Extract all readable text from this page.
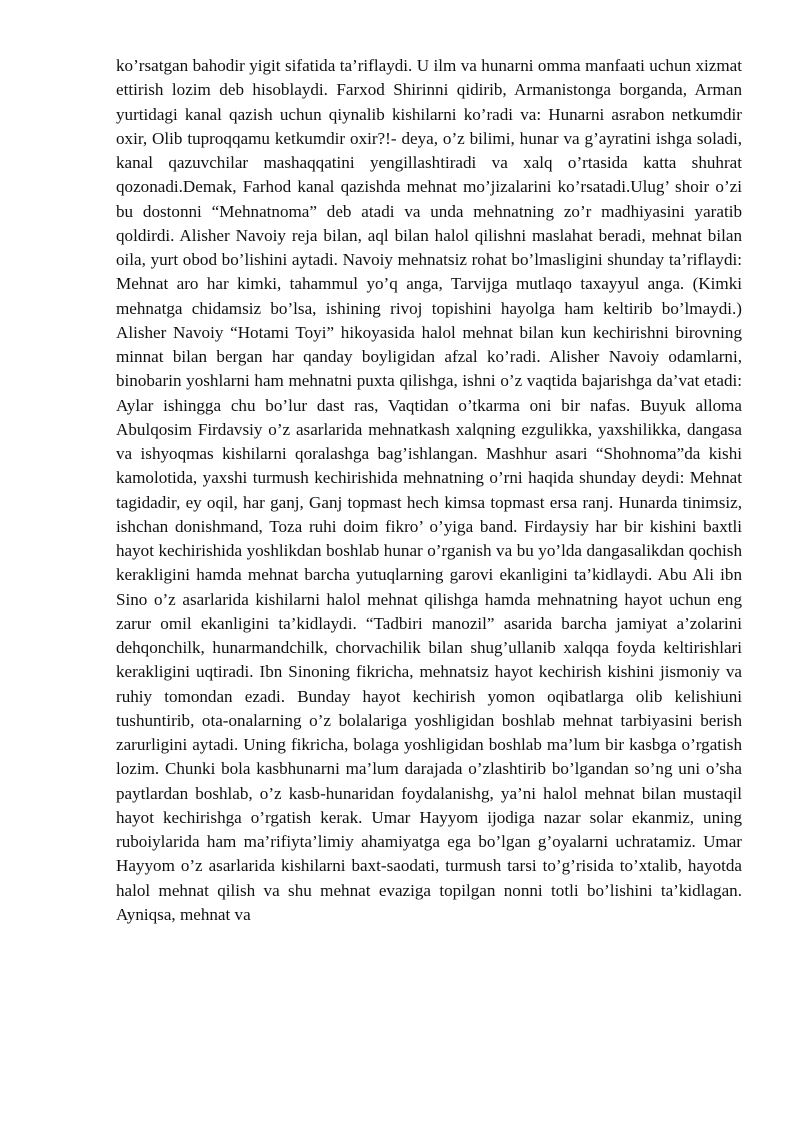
ko’rsatgan bahodir yigit sifatida ta’riflaydi. U ilm va hunarni omma manfaati uchun xizmat ettirish lozim deb hisoblaydi. Farxod Shirinni qidirib, Armanistonga borganda, Arman yurtidagi kanal qazish uchun qiynalib kishilarni ko’radi va: Hunarni asrabon netkumdir oxir, Olib tuproqqamu ketkumdir oxir?!- deya, o’z bilimi, hunar va g’ayratini ishga soladi, kanal qazuvchilar mashaqqatini yengillashtiradi va xalq o’rtasida katta shuhrat qozonadi.Demak, Farhod kanal qazishda mehnat mo’jizalarini ko’rsatadi.Ulug’ shoir o’zi bu dostonni “Mehnatnoma” deb atadi va unda mehnatning zo’r madhiyasini yaratib qoldirdi. Alisher Navoiy reja bilan, aql bilan halol qilishni maslahat beradi, mehnat bilan oila, yurt obod bo’lishini aytadi. Navoiy mehnatsiz rohat bo’lmasligini shunday ta’riflaydi: Mehnat aro har kimki, tahammul yo’q anga, Tarvijga mutlaqo taxayyul anga. (Kimki mehnatga chidamsiz bo’lsa, ishining rivoj topishini hayolga ham keltirib bo’lmaydi.) Alisher Navoiy “Hotami Toyi” hikoyasida halol mehnat bilan kun kechirishni birovning minnat bilan bergan har qanday boyligidan afzal ko’radi. Alisher Navoiy odamlarni, binobarin yoshlarni ham mehnatni puxta qilishga, ishni o’z vaqtida bajarishga da’vat etadi: Aylar ishingga chu bo’lur dast ras, Vaqtidan o’tkarma oni bir nafas. Buyuk alloma Abulqosim Firdavsiy o’z asarlarida mehnatkash xalqning ezgulikka, yaxshilikka, dangasa va ishyoqmas kishilarni qoralashga bag’ishlangan. Mashhur asari “Shohnoma”da kishi kamolotida, yaxshi turmush kechirishida mehnatning o’rni haqida shunday deydi: Mehnat tagidadir, ey oqil, har ganj, Ganj topmast hech kimsa topmast ersa ranj. Hunarda tinimsiz, ishchan donishmand, Toza ruhi doim fikro’ o’yiga band. Firdaysiy har bir kishini baxtli hayot kechirishida yoshlikdan boshlab hunar o’rganish va bu yo’lda dangasalikdan qochish kerakligini hamda mehnat barcha yutuqlarning garovi ekanligini ta’kidlaydi. Abu Ali ibn Sino o’z asarlarida kishilarni halol mehnat qilishga hamda mehnatning hayot uchun eng zarur omil ekanligini ta’kidlaydi. “Tadbiri manozil” asarida barcha jamiyat a’zolarini dehqonchilk, hunarmandchilk, chorvachilik bilan shug’ullanib xalqqa foyda keltirishlari kerakligini uqtiradi. Ibn Sinoning fikricha, mehnatsiz hayot kechirish kishini jismoniy va ruhiy tomondan ezadi. Bunday hayot kechirish yomon oqibatlarga olib kelishiuni tushuntirib, ota-onalarning o’z bolalariga yoshligidan boshlab mehnat tarbiyasini berish zarurligini aytadi. Uning fikricha, bolaga yoshligidan boshlab ma’lum bir kasbga o’rgatish lozim. Chunki bola kasbhunarni ma’lum darajada o’zlashtirib bo’lgandan so’ng uni o’sha paytlardan boshlab, o’z kasb-hunaridan foydalanishg, ya’ni halol mehnat bilan mustaqil hayot kechirishga o’rgatish kerak. Umar Hayyom ijodiga nazar solar ekanmiz, uning ruboiylarida ham ma’rifiyta’limiy ahamiyatga ega bo’lgan g’oyalarni uchratamiz. Umar Hayyom o’z asarlarida kishilarni baxt-saodati, turmush tarsi to’g’risida to’xtalib, hayotda halol mehnat qilish va shu mehnat evaziga topilgan nonni totli bo’lishini ta’kidlagan. Ayniqsa, mehnat va
